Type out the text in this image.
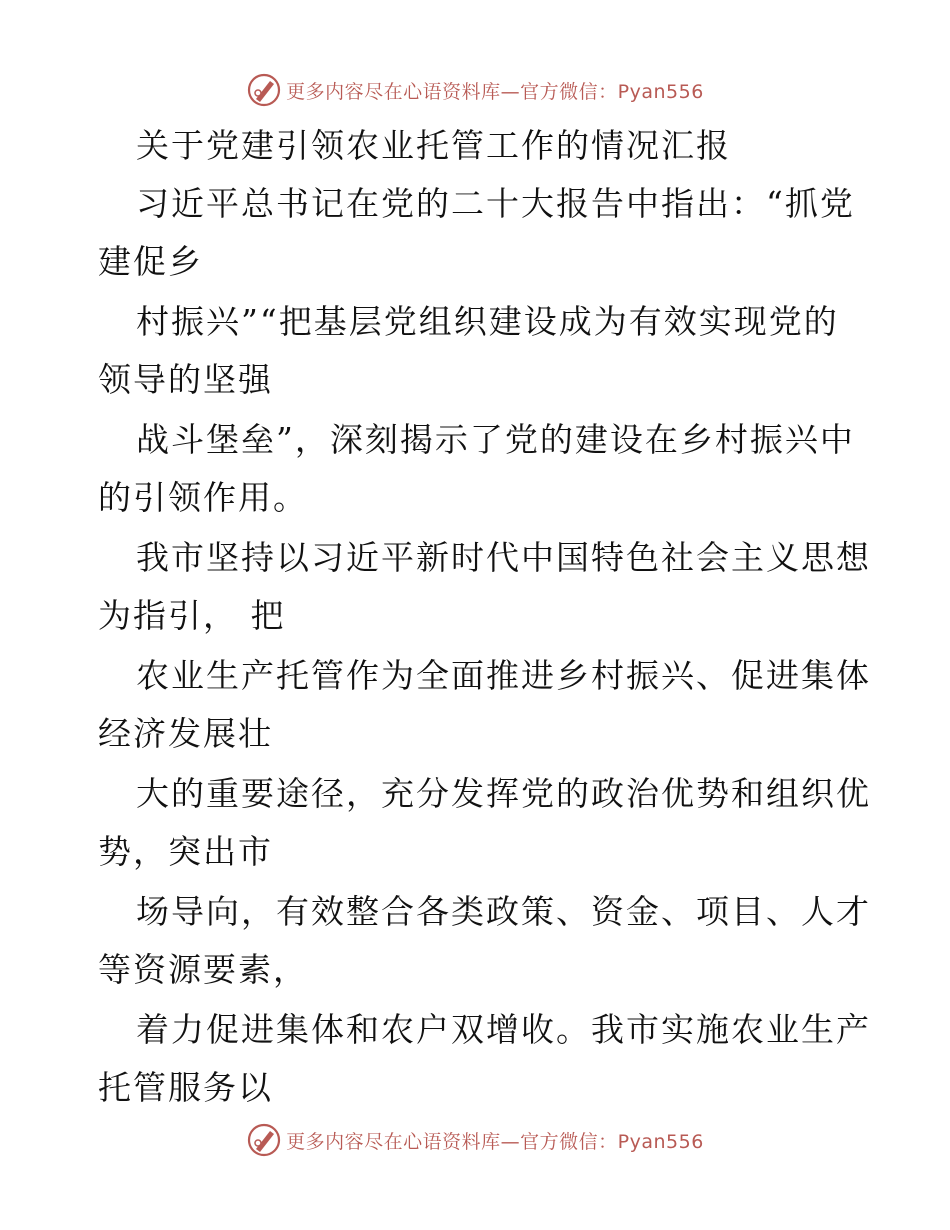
更多内容尽在心语资料库—官方微信：Pyan556
关于党建引领农业托管工作的情况汇报
习近平总书记在党的二十大报告中指出：“抓党
建促乡
村振兴”“把基层党组织建设成为有效实现党的
领导的坚强
战斗堡垒”，深刻揭示了党的建设在乡村振兴中
的引领作用。
我市坚持以习近平新时代中国特色社会主义思想
为指引， 把
农业生产托管作为全面推进乡村振兴、促进集体
经济发展壮
大的重要途径，充分发挥党的政治优势和组织优
势，突出市
场导向，有效整合各类政策、资金、项目、人才
等资源要素，
着力促进集体和农户双增收。我市实施农业生产
托管服务以
更多内容尽在心语资料库—官方微信：Pyan556
